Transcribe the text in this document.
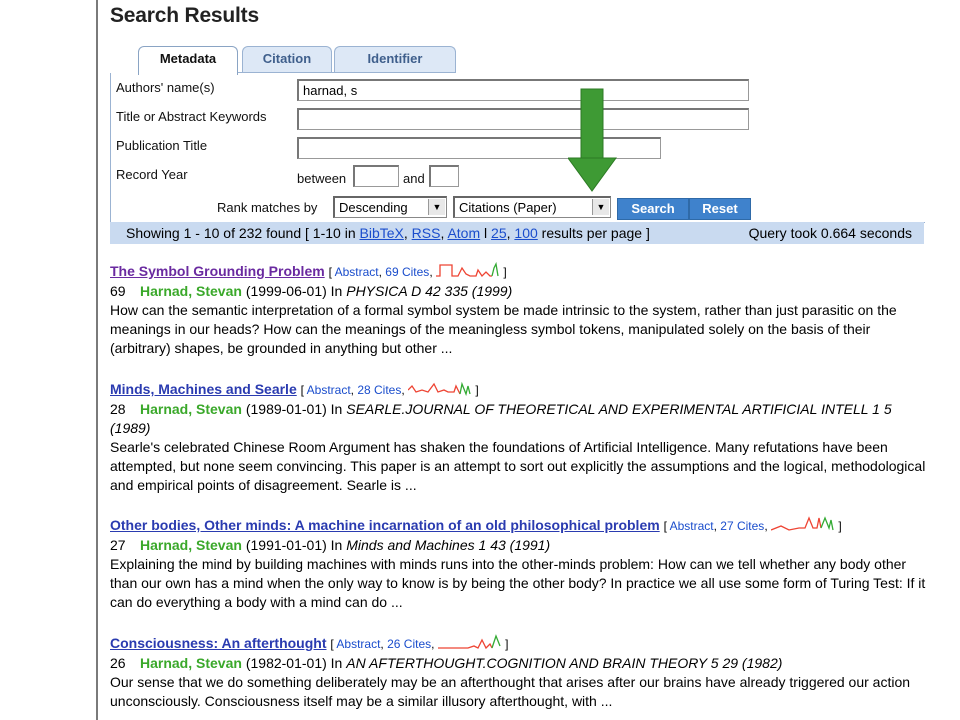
Search Results
Metadata	Citation	Identifier
Authors' name(s)
harnad, s
Title or Abstract Keywords
Publication Title
Record Year	between	and
Rank matches by	Descending	▼	Citations (Paper)	▼	Search	Reset
Showing 1 - 10 of 232 found [ 1-10 in BibTeX, RSS, Atom l 25, 100 results per page ]	Query took 0.664 seconds
The Symbol Grounding Problem [ Abstract, 69 Cites,	]
69 Harnad, Stevan (1999-06-01) In PHYSICA D 42 335 (1999)
How can the semantic interpretation of a formal symbol system be made intrinsic to the system, rather than just parasitic on the meanings in our heads? How can the meanings of the meaningless symbol tokens, manipulated solely on the basis of their (arbitrary) shapes, be grounded in anything but other ...
Minds, Machines and Searle [ Abstract, 28 Cites,	]
28 Harnad, Stevan (1989-01-01) In SEARLE.JOURNAL OF THEORETICAL AND EXPERIMENTAL ARTIFICIAL INTELL 1 5 (1989)
Searle's celebrated Chinese Room Argument has shaken the foundations of Artificial Intelligence. Many refutations have been attempted, but none seem convincing. This paper is an attempt to sort out explicitly the assumptions and the logical, methodological and empirical points of disagreement. Searle is ...
Other bodies, Other minds: A machine incarnation of an old philosophical problem [ Abstract, 27 Cites,	]
27 Harnad, Stevan (1991-01-01) In Minds and Machines 1 43 (1991)
Explaining the mind by building machines with minds runs into the other-minds problem: How can we tell whether any body other than our own has a mind when the only way to know is by being the other body? In practice we all use some form of Turing Test: If it can do everything a body with a mind can do ...
Consciousness: An afterthought [ Abstract, 26 Cites,	]
26 Harnad, Stevan (1982-01-01) In AN AFTERTHOUGHT.COGNITION AND BRAIN THEORY 5 29 (1982)
Our sense that we do something deliberately may be an afterthought that arises after our brains have already triggered our action unconsciously. Consciousness itself may be a similar illusory afterthought, with ...
